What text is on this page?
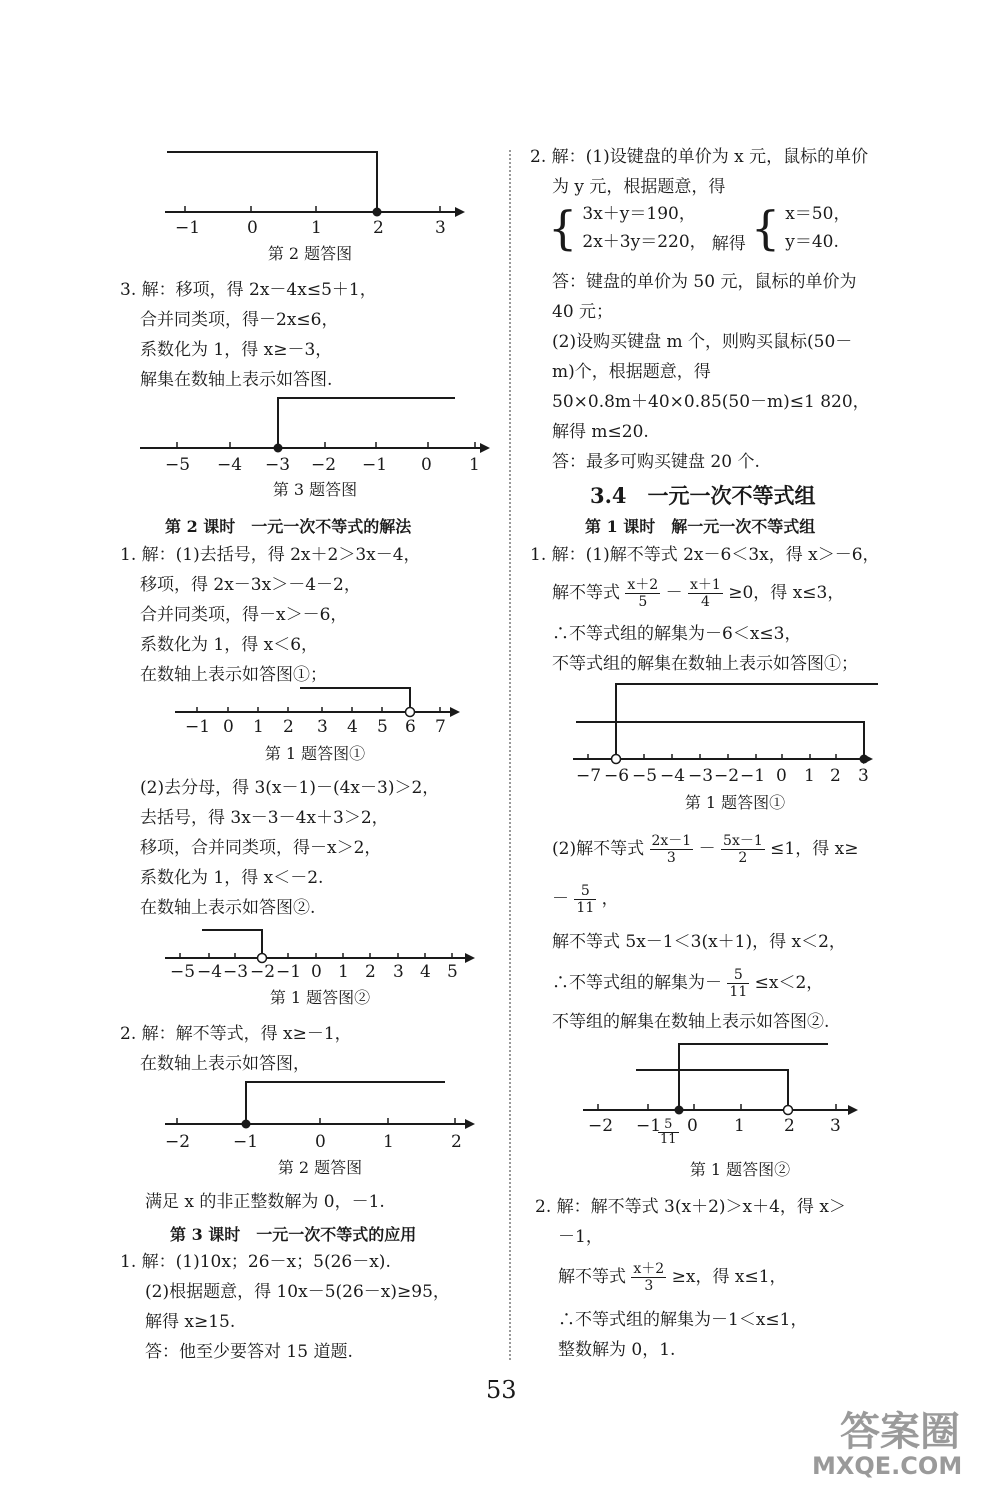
−1	0	1	2	3
第 2 题答图
3. 解：移项，得 2x－4x≤5＋1，
合并同类项，得－2x≤6，
系数化为 1，得 x≥－3，
解集在数轴上表示如答图.
−5 −4 −3 −2 −1 0 1
第 3 题答图
第 2 课时　一元一次不等式的解法
1. 解：(1)去括号，得 2x＋2＞3x－4，
移项，得 2x－3x＞－4－2，
合并同类项，得－x＞－6，
系数化为 1，得 x＜6，
在数轴上表示如答图①；
−1 0 1 2 3 4 5 6 7
第 1 题答图①
(2)去分母，得 3(x－1)－(4x－3)＞2，
去括号，得 3x－3－4x＋3＞2，
移项，合并同类项，得－x＞2，
系数化为 1，得 x＜－2.
在数轴上表示如答图②.
−5 −4 −3 −2 −1 0 1 2 3 4 5
第 1 题答图②
2. 解：解不等式，得 x≥－1，
在数轴上表示如答图，
−2	−1	0	1	2
第 2 题答图
满足 x 的非正整数解为 0，－1.
第 3 课时　一元一次不等式的应用
1. 解：(1)10x；26－x；5(26－x).
(2)根据题意，得 10x－5(26－x)≥95，
解得 x≥15.
答：他至少要答对 15 道题.
2. 解：(1)设键盘的单价为 x 元，鼠标的单价
为 y 元，根据题意，得
{ 3x＋y＝190，
2x＋3y＝220， 解得 { x＝50，
y＝40.
答：键盘的单价为 50 元，鼠标的单价为
40 元；
(2)设购买键盘 m 个，则购买鼠标(50－
m)个，根据题意，得
50×0.8m＋40×0.85(50－m)≤1 820，
解得 m≤20.
答：最多可购买键盘 20 个.
3.4　一元一次不等式组
第 1 课时　解一元一次不等式组
1. 解：(1)解不等式 2x－6＜3x，得 x＞－6，
解不等式 $\frac{x+2}{5} - \frac{x+1}{4} \ge 0$，得 x≤3，
∴不等式组的解集为－6＜x≤3，
不等式组的解集在数轴上表示如答图①；
−7 −6 −5 −4 −3 −2 −1 0 1 2 3
第 1 题答图①
(2)解不等式 $\frac{2x-1}{3} - \frac{5x-1}{2} \le 1$，得 x≥
－ $\frac{5}{11}$ ，
解不等式 5x－1＜3(x＋1)，得 x＜2，
∴不等式组的解集为－ $\frac{5}{11} \le x<2$，
不等组的解集在数轴上表示如答图②.
−2 −1 0 1 2 3
$\frac{5}{11}$
第 1 题答图②
2. 解：解不等式 3(x＋2)＞x＋4，得 x＞
－1，
解不等式 $\frac{x+2}{3} \ge x$，得 x≤1，
∴不等式组的解集为－1＜x≤1，
整数解为 0，1.
53
答案圈
MXQE.COM
